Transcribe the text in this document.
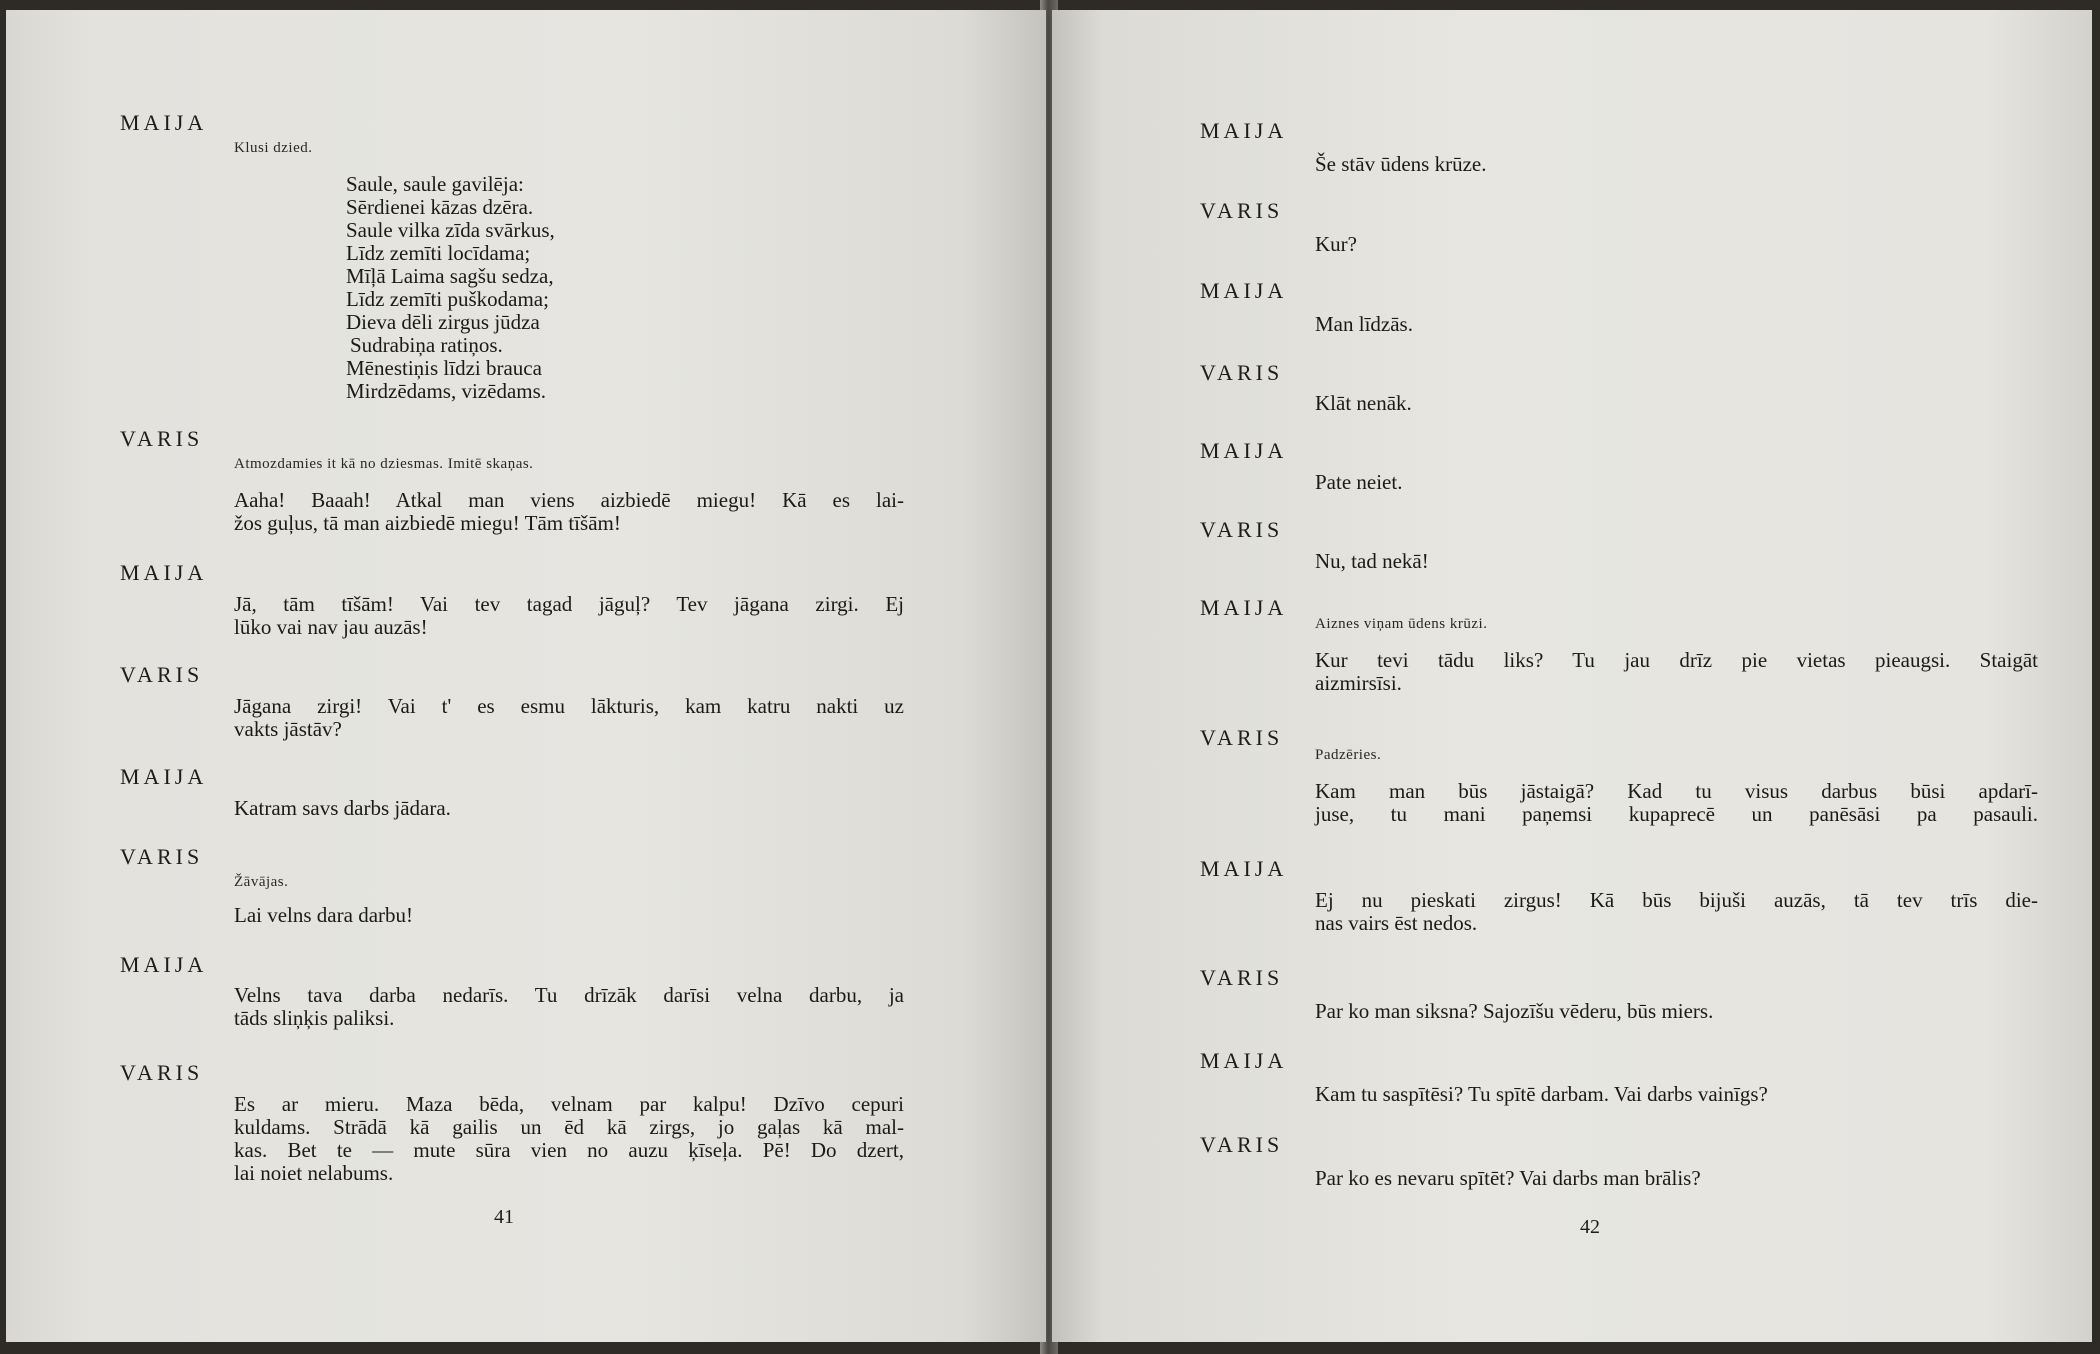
MAIJA
Klusi dzied.
Saule, saule gavilēja:
Sērdienei kāzas dzēra.
Saule vilka zīda svārkus,
Līdz zemīti locīdama;
Mīļā Laima sagšu sedza,
Līdz zemīti puškodama;
Dieva dēli zirgus jūdza
Sudrabiņa ratiņos.
Mēnestiņis līdzi brauca
Mirdzēdams, vizēdams.
VARIS
Atmozdamies it kā no dziesmas. Imitē skaņas.
Aaha! Baaah! Atkal man viens aizbiedē miegu! Kā es lai-
žos guļus, tā man aizbiedē miegu! Tām tīšām!
MAIJA
Jā, tām tīšām! Vai tev tagad jāguļ? Tev jāgana zirgi. Ej
lūko vai nav jau auzās!
VARIS
Jāgana zirgi! Vai t' es esmu lākturis, kam katru nakti uz
vakts jāstāv?
MAIJA
Katram savs darbs jādara.
VARIS
Žāvājas.
Lai velns dara darbu!
MAIJA
Velns tava darba nedarīs. Tu drīzāk darīsi velna darbu, ja
tāds sliņķis paliksi.
VARIS
Es ar mieru. Maza bēda, velnam par kalpu! Dzīvo cepuri
kuldams. Strādā kā gailis un ēd kā zirgs, jo gaļas kā mal-
kas. Bet te — mute sūra vien no auzu ķīseļa. Pē! Do dzert,
lai noiet nelabums.
41
MAIJA
Še stāv ūdens krūze.
VARIS
Kur?
MAIJA
Man līdzās.
VARIS
Klāt nenāk.
MAIJA
Pate neiet.
VARIS
Nu, tad nekā!
MAIJA
Aiznes viņam ūdens krūzi.
Kur tevi tādu liks? Tu jau drīz pie vietas pieaugsi. Staigāt
aizmirsīsi.
VARIS
Padzēries.
Kam man būs jāstaigā? Kad tu visus darbus būsi apdarī-
juse, tu mani paņemsi kupaprecē un panēsāsi pa pasauli.
MAIJA
Ej nu pieskati zirgus! Kā būs bijuši auzās, tā tev trīs die-
nas vairs ēst nedos.
VARIS
Par ko man siksna? Sajozīšu vēderu, būs miers.
MAIJA
Kam tu saspītēsi? Tu spītē darbam. Vai darbs vainīgs?
VARIS
Par ko es nevaru spītēt? Vai darbs man brālis?
42
